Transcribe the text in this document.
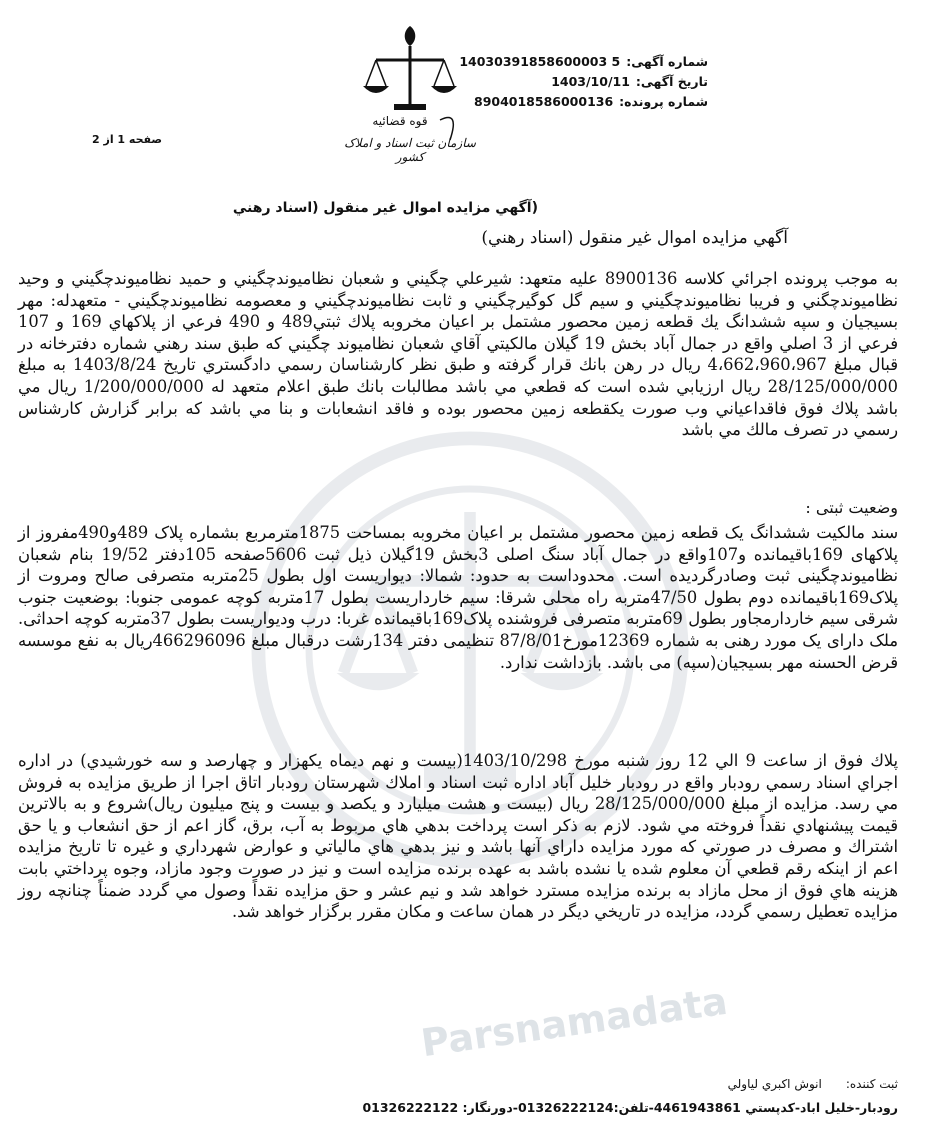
Parsnamadata
شماره آگهی:
14030391858600003 5
تاریخ آگهی:
1403/10/11
شماره پرونده:
8904018586000136
قوه قضائیه
سازمان ثبت اسناد و املاک کشور
صفحه 1 از 2
(آگهي مزايده اموال غير منقول (اسناد رهني
آگهي مزايده اموال غير منقول (اسناد رهني)
به موجب پرونده اجرائي كلاسه 8900136 عليه متعهد: شيرعلي چگيني و شعبان نظاميوندچگيني و حميد نظاميوندچگيني و وحيد نظاميوندچگني و فريبا نظاميوندچگيني و سيم گل كوگيرچگيني و ثابت نظاميوندچگيني و معصومه نظاميوندچگيني - متعهدله: مهر بسيجيان و سپه ششدانگ يك قطعه زمين محصور مشتمل بر اعيان مخروبه پلاك ثبتي489 و 490 فرعي از پلاكهاي 169 و 107 فرعي از 3 اصلي واقع در جمال آباد بخش 19 گيلان مالكيتي آقاي شعبان نظاميوند چگيني كه طبق سند رهني شماره دفترخانه در قبال مبلغ 4،662،960،967 ريال در رهن بانك قرار گرفته و طبق نظر كارشناسان رسمي دادگستري تاريخ 1403/8/24 به مبلغ 28/125/000/000 ريال ارزيابي شده است كه قطعي مي باشد مطالبات بانك طبق اعلام متعهد له 1/200/000/000 ريال مي باشد پلاك فوق فاقداعياني وب صورت يكقطعه زمين محصور بوده و فاقد انشعابات و بنا مي باشد كه برابر گزارش كارشناس رسمي در تصرف مالك مي باشد
وضعیت ثبتی :
سند مالکیت ششدانگ یک قطعه زمین محصور مشتمل بر اعیان مخروبه بمساحت 1875مترمربع بشماره پلاک 489و490مفروز از پلاکهای 169باقیمانده و107واقع در جمال آباد سنگ اصلی 3بخش 19گیلان ذیل ثبت 5606صفحه 105دفتر 19/52 بنام شعبان نظامیوندچگینی ثبت وصادرگردیده است. محدوداست به حدود: شمالا: دیواریست اول بطول 25متربه متصرفی صالح ومروت از پلاک169باقیمانده دوم بطول 47/50متربه راه محلی شرقا: سیم خارداریست بطول 17متربه کوچه عمومی جنوبا: بوضعیت جنوب شرقی سیم خاردارمجاور بطول 69متربه متصرفی فروشنده پلاک169باقیمانده غربا: درب ودیواریست بطول 37متربه کوچه احداثی. ملک دارای یک مورد رهنی به شماره 12369مورخ87/8/01 تنظیمی دفتر 134رشت درقبال مبلغ 466296096ریال به نفع موسسه قرض الحسنه مهر بسیجیان(سپه) می باشد. بازداشت ندارد.
پلاك فوق از ساعت 9 الي 12 روز شنبه مورخ 1403/10/298(بيست و نهم ديماه يكهزار و چهارصد و سه خورشيدي) در اداره اجراي اسناد رسمي رودبار واقع در رودبار خليل آباد اداره ثبت اسناد و املاك شهرستان رودبار اتاق اجرا از طريق مزايده به فروش مي رسد. مزايده از مبلغ 28/125/000/000 ريال (بيست و هشت ميليارد و يكصد و بيست و پنج ميليون ريال)شروع و به بالاترين قيمت پيشنهادي نقداً فروخته مي شود. لازم به ذكر است پرداخت بدهي هاي مربوط به آب، برق، گاز اعم از حق انشعاب و يا حق اشتراك و مصرف در صورتي كه مورد مزايده داراي آنها باشد و نيز بدهي هاي مالياتي و عوارض شهرداري و غيره تا تاريخ مزايده اعم از اينكه رقم قطعي آن معلوم شده يا نشده باشد به عهده برنده مزايده است و نيز در صورت وجود مازاد، وجوه پرداختي بابت هزينه هاي فوق از محل مازاد به برنده مزايده مسترد خواهد شد و نيم عشر و حق مزايده نقداً وصول مي گردد ضمناً چنانچه روز مزايده تعطيل رسمي گردد، مزايده در تاريخي ديگر در همان ساعت و مكان مقرر برگزار خواهد شد.
ثبت کننده:
انوش اكبري لياولي
رودبار-خليل اباد-كدپستي 4461943861-تلفن:01326222124-دورنگار: 01326222122
